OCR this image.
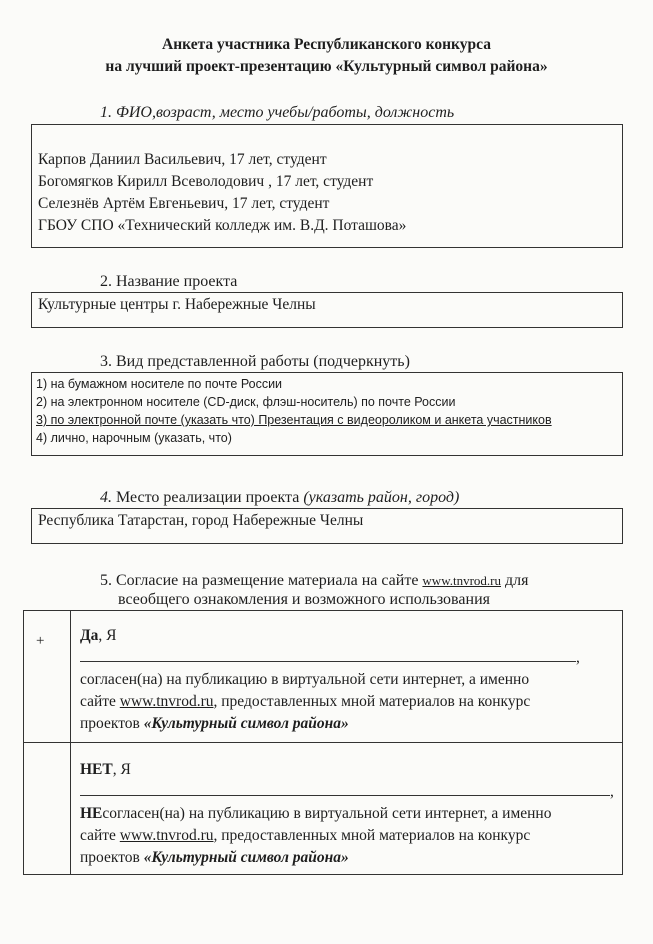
Анкета участника Республиканского конкурса
на лучший проект-презентацию «Культурный символ района»
1. ФИО,возраст, место учебы/работы, должность
Карпов Даниил Васильевич, 17 лет, студент
Богомягков Кирилл Всеволодович , 17 лет, студент
Селезнёв Артём Евгеньевич, 17 лет, студент
ГБОУ СПО «Технический колледж им. В.Д. Поташова»
2. Название проекта
Культурные центры г. Набережные Челны
3. Вид представленной работы (подчеркнуть)
1) на бумажном носителе по почте России
2) на электронном носителе (CD-диск, флэш-носитель) по почте России
3) по электронной почте (указать что) Презентация с видеороликом и анкета участников
4) лично, нарочным (указать, что)
4. Место реализации проекта (указать район, город)
Республика Татарстан, город Набережные Челны
5. Согласие на размещение материала на сайте www.tnvrod.ru для
всеобщего ознакомления и возможного использования
+ Да, Я
,
согласен(на) на публикацию в виртуальной сети интернет, а именно
сайте www.tnvrod.ru, предоставленных мной материалов на конкурс
проектов «Культурный символ района»
НЕТ, Я
,
НЕсогласен(на) на публикацию в виртуальной сети интернет, а именно
сайте www.tnvrod.ru, предоставленных мной материалов на конкурс
проектов «Культурный символ района»
